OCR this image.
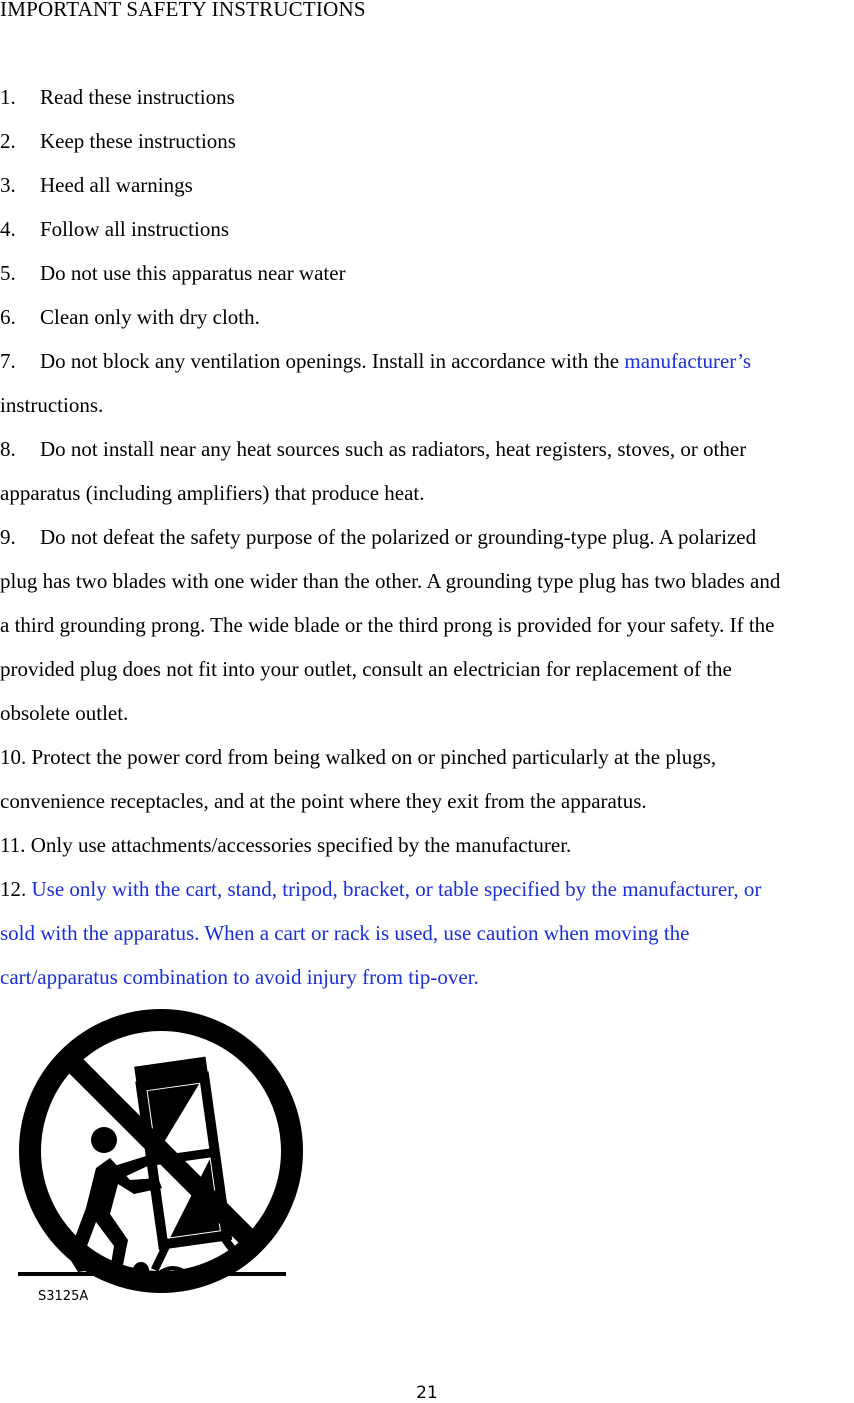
IMPORTANT SAFETY INSTRUCTIONS
1. Read these instructions
2. Keep these instructions
3. Heed all warnings
4. Follow all instructions
5. Do not use this apparatus near water
6. Clean only with dry cloth.
7. Do not block any ventilation openings. Install in accordance with the manufacturer’s
instructions.
8. Do not install near any heat sources such as radiators, heat registers, stoves, or other
apparatus (including amplifiers) that produce heat.
9. Do not defeat the safety purpose of the polarized or grounding-type plug. A polarized
plug has two blades with one wider than the other. A grounding type plug has two blades and
a third grounding prong. The wide blade or the third prong is provided for your safety. If the
provided plug does not fit into your outlet, consult an electrician for replacement of the
obsolete outlet.
10. Protect the power cord from being walked on or pinched particularly at the plugs,
convenience receptacles, and at the point where they exit from the apparatus.
11. Only use attachments/accessories specified by the manufacturer.
12. Use only with the cart, stand, tripod, bracket, or table specified by the manufacturer, or
sold with the apparatus. When a cart or rack is used, use caution when moving the
cart/apparatus combination to avoid injury from tip-over.
S3125A
21
